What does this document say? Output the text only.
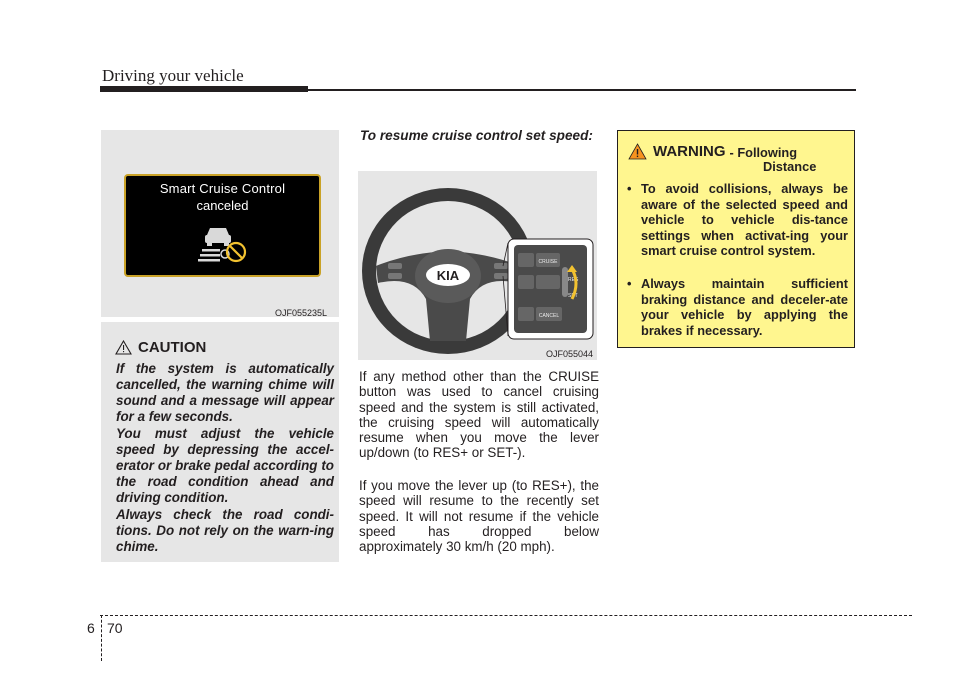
Driving your vehicle
Smart Cruise Control
canceled
OJF055235L
CAUTION

If the system is automatically cancelled, the warning chime will sound and a message will appear for a few seconds.

You must adjust the vehicle speed by depressing the accel-erator or brake pedal according to the road condition ahead and driving condition.

Always check the road condi-tions. Do not rely on the warn-ing chime.

To resume cruise control set speed:

KIA
CRUISE
RES
SET
CANCEL
OJF055044

If any method other than the CRUISE button was used to cancel cruising speed and the system is still activated, the cruising speed will automatically resume when you move the lever up/down (to RES+ or SET-).

If you move the lever up (to RES+), the speed will resume to the recently set speed. It will not resume if the vehicle speed has dropped below approximately 30 km/h (20 mph).

WARNING - Following
Distance
• To avoid collisions, always be aware of the selected speed and vehicle to vehicle dis-tance settings when activat-ing your smart cruise control system.
• Always maintain sufficient braking distance and deceler-ate your vehicle by applying the brakes if necessary.
6 70
